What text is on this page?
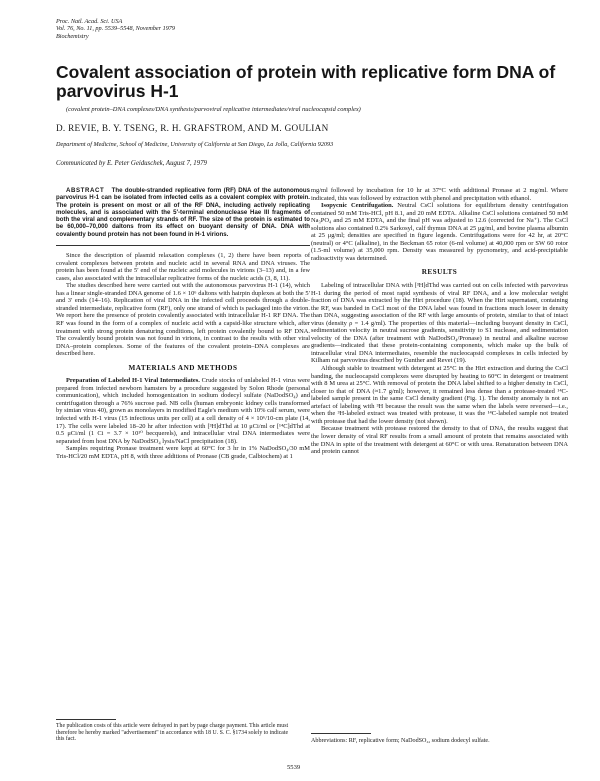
Proc. Natl. Acad. Sci. USA
Vol. 76, No. 11, pp. 5539–5548, November 1979
Biochemistry
Covalent association of protein with replicative form DNA of parvovirus H-1
(covalent protein–DNA complexes/DNA synthesis/parvoviral replicative intermediates/viral nucleocapsid complex)
D. REVIE, B. Y. TSENG, R. H. GRAFSTROM, AND M. GOULIAN
Department of Medicine, School of Medicine, University of California at San Diego, La Jolla, California 92093
Communicated by E. Peter Geiduschek, August 7, 1979

ABSTRACT The double-stranded replicative form (RF) DNA of the autonomous parvovirus H-1 can be isolated from infected cells as a covalent complex with protein. The protein is present on most or all of the RF DNA, including actively replicating molecules, and is associated with the 5′-terminal endonuclease Hae III fragments of both the viral and complementary strands of RF. The size of the protein is estimated to be 60,000–70,000 daltons from its effect on buoyant density of DNA. DNA with covalently bound protein has not been found in H-1 virions.

Since the description of plasmid relaxation complexes (1, 2) there have been reports of covalent complexes between protein and nucleic acid in several RNA and DNA viruses. The protein has been found at the 5′ end of the nucleic acid molecules in virions (3–13) and, in a few cases, also associated with the intracellular replicative forms of the nucleic acids (3, 8, 11).

The studies described here were carried out with the autonomous parvovirus H-1 (14), which has a linear single-stranded DNA genome of 1.6 × 10⁶ daltons with hairpin duplexes at both the 5′ and 3′ ends (14–16). Replication of viral DNA in the infected cell proceeds through a double-stranded intermediate, replicative form (RF), only one strand of which is packaged into the virion. We report here the presence of protein covalently associated with intracellular H-1 RF DNA. The RF was found in the form of a complex of nucleic acid with a capsid-like structure which, after treatment with strong protein denaturing conditions, left protein covalently bound to RF DNA. The covalently bound protein was not found in virions, in contrast to the results with other viral DNA–protein complexes. Some of the features of the covalent protein–DNA complexes are described here.

MATERIALS AND METHODS

Preparation of Labeled H-1 Viral Intermediates. Crude stocks of unlabeled H-1 virus were prepared from infected newborn hamsters by a procedure suggested by Solon Rhode (personal communication), which included homogenization in sodium dodecyl sulfate (NaDodSO₄) and centrifugation through a 76% sucrose pad. NB cells (human embryonic kidney cells transformed by simian virus 40), grown as monolayers in modified Eagle's medium with 10% calf serum, were infected with H-1 virus (15 infectious units per cell) at a cell density of 4 × 10⁶/10-cm plate (14, 17). The cells were labeled 18–20 hr after infection with [³H]dThd at 10 μCi/ml or [¹⁴C]dThd at 0.5 μCi/ml (1 Ci = 3.7 × 10¹⁰ becquerels), and intracellular viral DNA intermediates were separated from host DNA by NaDodSO₄ lysis/NaCl precipitation (18).

Samples requiring Pronase treatment were kept at 60°C for 3 hr in 1% NaDodSO₄/30 mM Tris-HCl/20 mM EDTA, pH 8, with three additions of Pronase (CB grade, Calbiochem) at 1

mg/ml followed by incubation for 10 hr at 37°C with additional Pronase at 2 mg/ml. Where indicated, this was followed by extraction with phenol and precipitation with ethanol.

Isopycnic Centrifugation. Neutral CsCl solutions for equilibrium density centrifugation contained 50 mM Tris-HCl, pH 8.1, and 20 mM EDTA. Alkaline CsCl solutions contained 50 mM Na₃PO₄ and 25 mM EDTA, and the final pH was adjusted to 12.6 (corrected for Na⁺). The CsCl solutions also contained 0.2% Sarkosyl, calf thymus DNA at 25 μg/ml, and bovine plasma albumin at 25 μg/ml; densities are specified in figure legends. Centrifugations were for 42 hr, at 20°C (neutral) or 4°C (alkaline), in the Beckman 65 rotor (6-ml volume) at 40,000 rpm or SW 60 rotor (1.5-ml volume) at 35,000 rpm. Density was measured by pycnometry, and acid-precipitable radioactivity was determined.

RESULTS

Labeling of intracellular DNA with [³H]dThd was carried out on cells infected with parvovirus H-1 during the period of most rapid synthesis of viral RF DNA, and a low molecular weight fraction of DNA was extracted by the Hirt procedure (18). When the Hirt supernatant, containing the RF, was banded in CsCl most of the DNA label was found in fractions much lower in density than DNA, suggesting association of the RF with large amounts of protein, similar to that of intact virus (density ρ = 1.4 g/ml). The properties of this material—including buoyant density in CsCl, sedimentation velocity in neutral sucrose gradients, sensitivity to S1 nuclease, and sedimentation velocity of the DNA (after treatment with NaDodSO₄/Pronase) in neutral and alkaline sucrose gradients—indicated that these protein-containing components, which make up the bulk of intracellular viral DNA intermediates, resemble the nucleocapsid complexes in cells infected by Kilham rat parvovirus described by Gunther and Revet (19).

Although stable to treatment with detergent at 25°C in the Hirt extraction and during the CsCl banding, the nucleocapsid complexes were disrupted by heating to 60°C in detergent or treatment with 8 M urea at 25°C. With removal of protein the DNA label shifted to a higher density in CsCl, closer to that of DNA (≈1.7 g/ml); however, it remained less dense than a protease-treated ¹⁴C-labeled sample present in the same CsCl density gradient (Fig. 1). The density anomaly is not an artefact of labeling with ³H because the result was the same when the labels were reversed—i.e., when the ³H-labeled extract was treated with protease, it was the ¹⁴C-labeled sample not treated with protease that had the lower density (not shown).

Because treatment with protease restored the density to that of DNA, the results suggest that the lower density of viral RF results from a small amount of protein that remains associated with the DNA in spite of the treatment with detergent at 60°C or with urea. Renaturation between DNA and protein cannot

The publication costs of this article were defrayed in part by page charge payment. This article must therefore be hereby marked "advertisement" in accordance with 18 U. S. C. §1734 solely to indicate this fact.	Abbreviations: RF, replicative form; NaDodSO₄, sodium dodecyl sulfate.
5539
